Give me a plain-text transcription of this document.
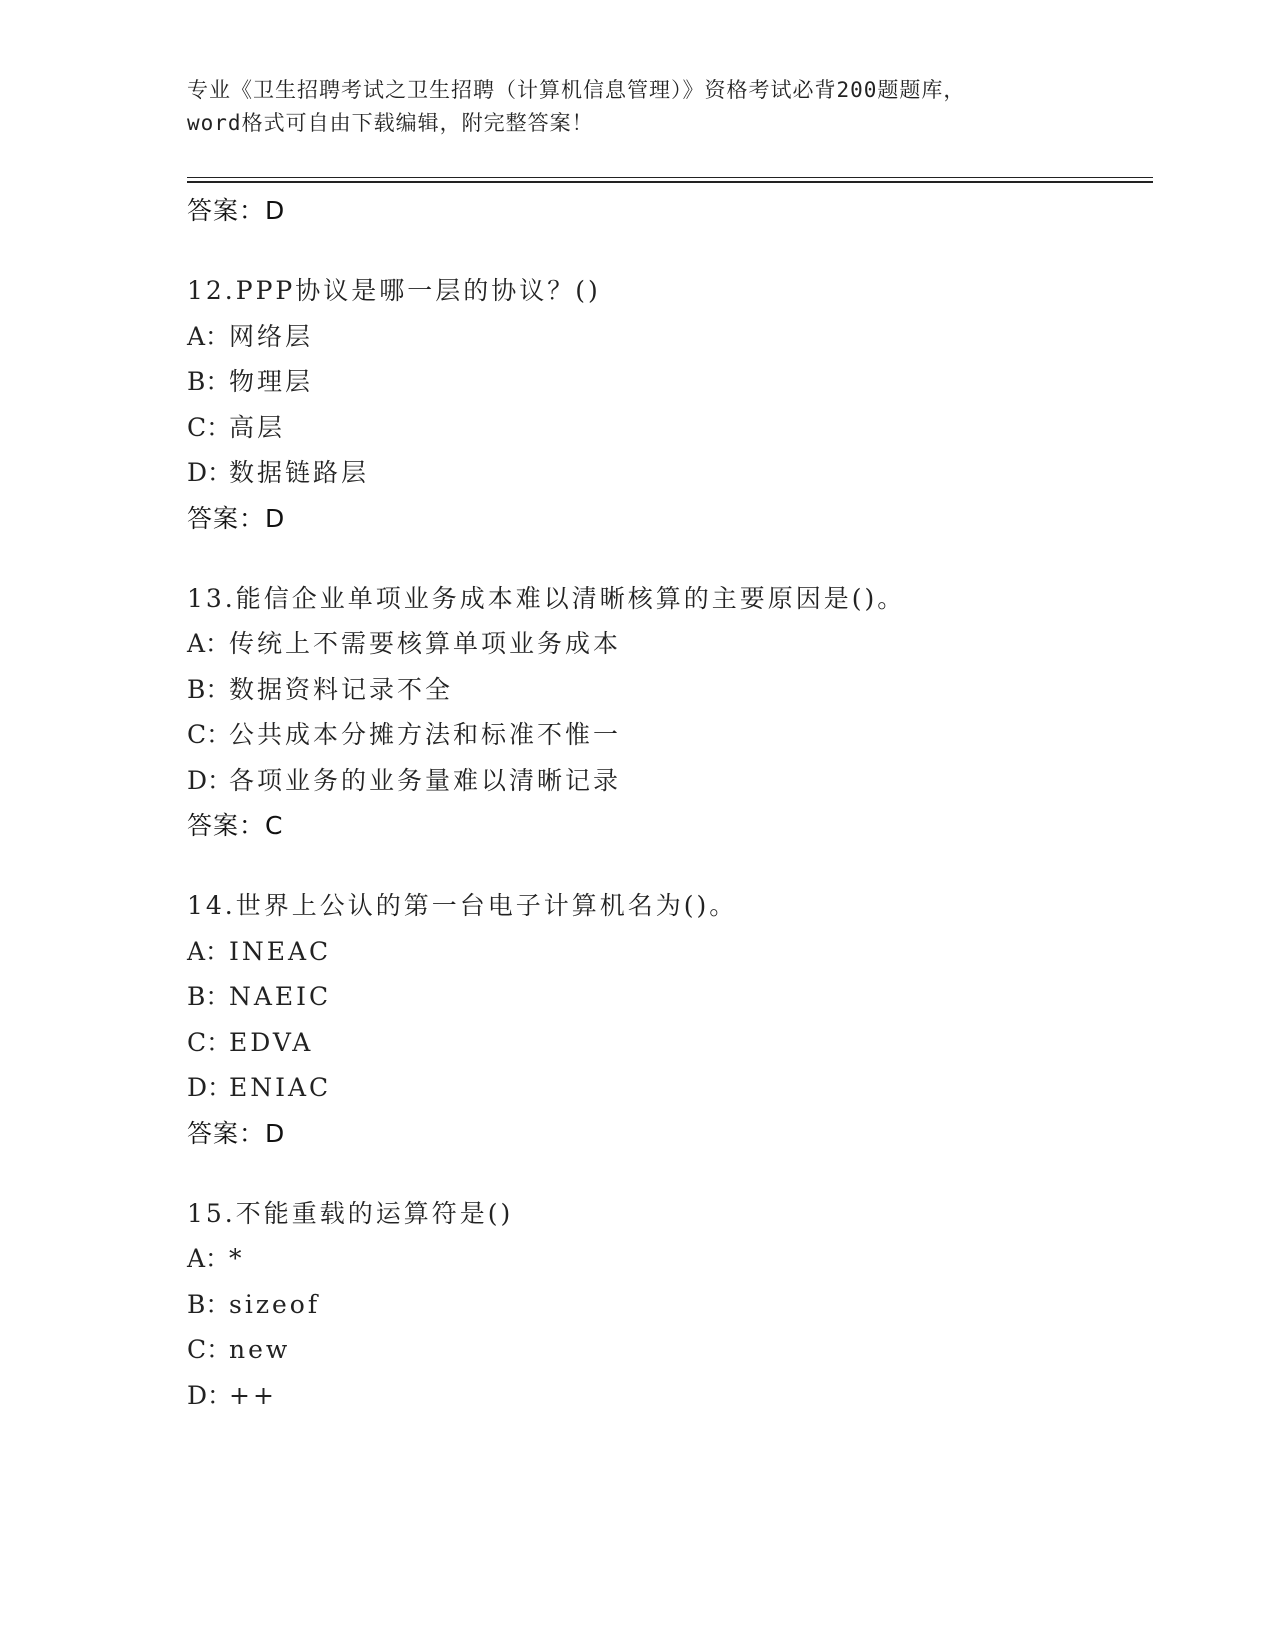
专业《卫生招聘考试之卫生招聘（计算机信息管理）》资格考试必背200题题库，
word格式可自由下载编辑，附完整答案！
答案：D
12.PPP协议是哪一层的协议？()
A：网络层
B：物理层
C：高层
D：数据链路层
答案：D
13.能信企业单项业务成本难以清晰核算的主要原因是()。
A：传统上不需要核算单项业务成本
B：数据资料记录不全
C：公共成本分摊方法和标准不惟一
D：各项业务的业务量难以清晰记录
答案：C
14.世界上公认的第一台电子计算机名为()。
A：INEAC
B：NAEIC
C：EDVA
D：ENIAC
答案：D
15.不能重载的运算符是()
A：*
B：sizeof
C：new
D：++
